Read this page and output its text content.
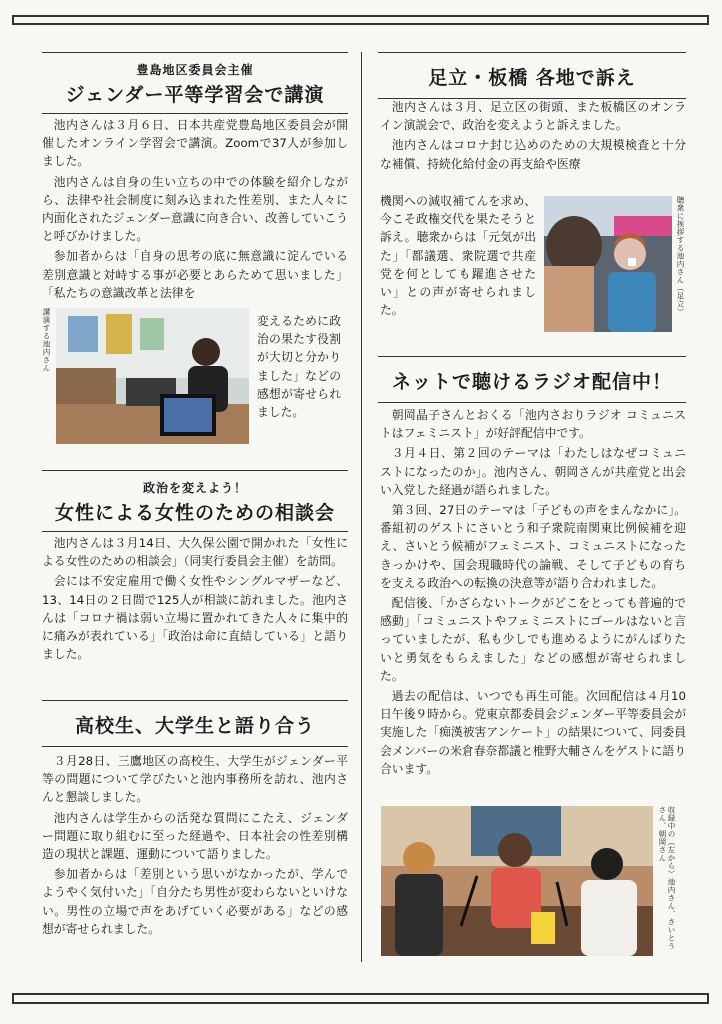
豊島地区委員会主催
ジェンダー平等学習会で講演

池内さんは３月６日、日本共産党豊島地区委員会が開催したオンライン学習会で講演。Zoomで37人が参加しました。

池内さんは自身の生い立ちの中での体験を紹介しながら、法律や社会制度に刻み込まれた性差別、また人々に内面化されたジェンダー意識に向き合い、改善していこうと呼びかけました。

参加者からは「自身の思考の底に無意識に淀んでいる差別意識と対峙する事が必要とあらためて思いました」「私たちの意識改革と法律を

講演する池内さん	変えるために政治の果たす役割が大切と分かりました」などの感想が寄せられました。
政治を変えよう！
女性による女性のための相談会

池内さんは３月14日、大久保公園で開かれた「女性による女性のための相談会」（同実行委員会主催）を訪問。

会には不安定雇用で働く女性やシングルマザーなど、13、14日の２日間で125人が相談に訪れました。池内さんは「コロナ禍は弱い立場に置かれてきた人々に集中的に痛みが表れている」「政治は命に直結している」と語りました。

高校生、大学生と語り合う

３月28日、三鷹地区の高校生、大学生がジェンダー平等の問題について学びたいと池内事務所を訪れ、池内さんと懇談しました。

池内さんは学生からの活発な質問にこたえ、ジェンダー問題に取り組むに至った経過や、日本社会の性差別構造の現状と課題、運動について語りました。

参加者からは「差別という思いがなかったが、学んでようやく気付いた」「自分たち男性が変わらないといけない。男性の立場で声をあげていく必要がある」などの感想が寄せられました。

足立・板橋 各地で訴え

池内さんは３月、足立区の街頭、また板橋区のオンライン演説会で、政治を変えようと訴えました。

池内さんはコロナ封じ込めのための大規模検査と十分な補償、持続化給付金の再支給や医療

機関への減収補てんを求め、今こそ政権交代を果たそうと訴え。聴衆からは「元気が出た」「都議選、衆院選で共産党を何としても躍進させたい」との声が寄せられました。	聴衆に挨拶する池内さん（足立）
ネットで聴けるラジオ配信中！

朝岡晶子さんとおくる「池内さおりラジオ コミュニストはフェミニスト」が好評配信中です。

３月４日、第２回のテーマは「わたしはなぜコミュニストになったのか」。池内さん、朝岡さんが共産党と出会い入党した経過が語られました。

第３回、27日のテーマは「子どもの声をまんなかに」。番組初のゲストにさいとう和子衆院南関東比例候補を迎え、さいとう候補がフェミニスト、コミュニストになったきっかけや、国会現職時代の論戦、そして子どもの育ちを支える政治への転換の決意等が語り合われました。

配信後、「かざらないトークがどこをとっても普遍的で感動」「コミュニストやフェミニストにゴールはないと言っていましたが、私も少しでも進めるようにがんばりたいと勇気をもらえました」などの感想が寄せられました。

過去の配信は、いつでも再生可能。次回配信は４月10日午後９時から。党東京都委員会ジェンダー平等委員会が実施した「痴漢被害アンケート」の結果について、同委員会メンバーの米倉春奈都議と椎野大輔さんをゲストに語り合います。

収録中の（左から）池内さん、さいとうさん、朝岡さん
